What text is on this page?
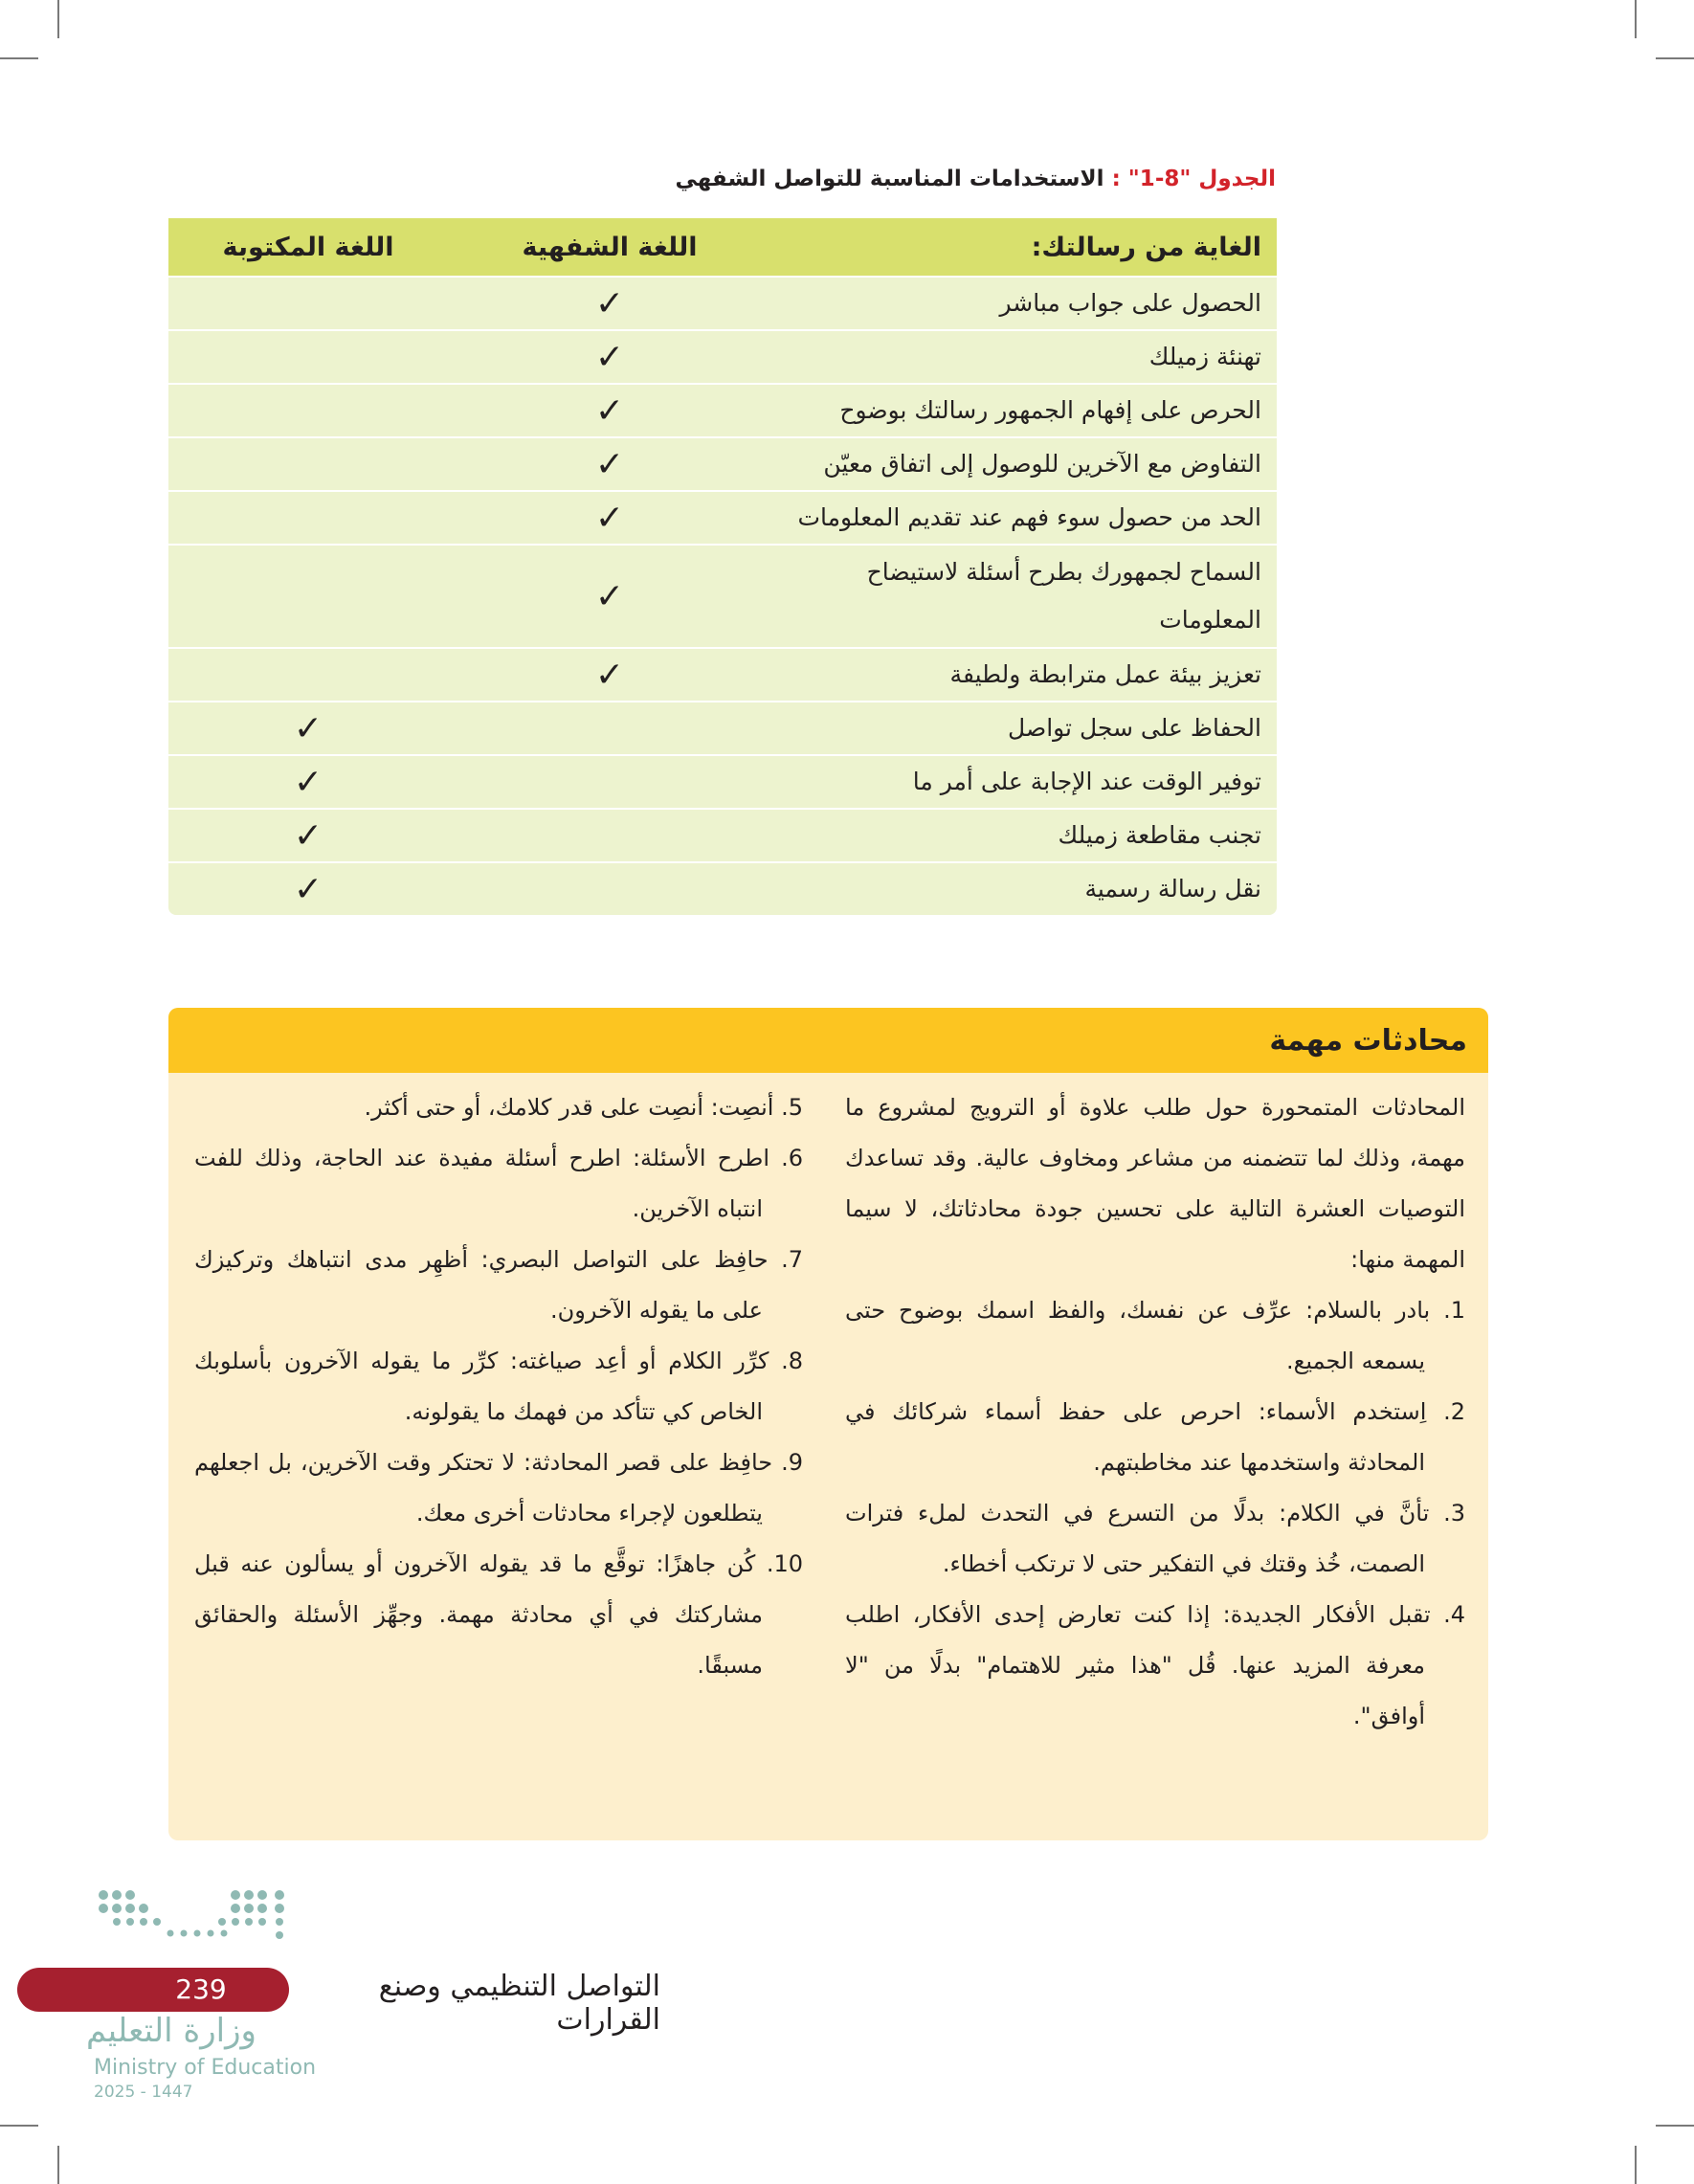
الجدول "8-1" : الاستخدامات المناسبة للتواصل الشفهي
الغاية من رسالتك:	اللغة الشفهية	اللغة المكتوبة
الحصول على جواب مباشر	✓	
تهنئة زميلك	✓	
الحرص على إفهام الجمهور رسالتك بوضوح	✓	
التفاوض مع الآخرين للوصول إلى اتفاق معيّن	✓	
الحد من حصول سوء فهم عند تقديم المعلومات	✓	
السماح لجمهورك بطرح أسئلة لاستيضاح المعلومات	✓	
تعزيز بيئة عمل مترابطة ولطيفة	✓	
الحفاظ على سجل تواصل		✓
توفير الوقت عند الإجابة على أمر ما		✓
تجنب مقاطعة زميلك		✓
نقل رسالة رسمية		✓
محادثات مهمة

المحادثات المتمحورة حول طلب علاوة أو الترويج لمشروع ما مهمة، وذلك لما تتضمنه من مشاعر ومخاوف عالية. وقد تساعدك التوصيات العشرة التالية على تحسين جودة محادثاتك، لا سيما المهمة منها:

1. بادر بالسلام: عرِّف عن نفسك، والفظ اسمك بوضوح حتى يسمعه الجميع.

2. اِستخدم الأسماء: احرص على حفظ أسماء شركائك في المحادثة واستخدمها عند مخاطبتهم.

3. تأنَّ في الكلام: بدلًا من التسرع في التحدث لملء فترات الصمت، خُذ وقتك في التفكير حتى لا ترتكب أخطاء.

4. تقبل الأفكار الجديدة: إذا كنت تعارض إحدى الأفكار، اطلب معرفة المزيد عنها. قُل "هذا مثير للاهتمام" بدلًا من "لا أوافق".

5. أنصِت: أنصِت على قدر كلامك، أو حتى أكثر.

6. اطرح الأسئلة: اطرح أسئلة مفيدة عند الحاجة، وذلك للفت انتباه الآخرين.

7. حافِظ على التواصل البصري: أظهِر مدى انتباهك وتركيزك على ما يقوله الآخرون.

8. كرِّر الكلام أو أعِد صياغته: كرِّر ما يقوله الآخرون بأسلوبك الخاص كي تتأكد من فهمك ما يقولونه.

9. حافِظ على قصر المحادثة: لا تحتكر وقت الآخرين، بل اجعلهم يتطلعون لإجراء محادثات أخرى معك.

10. كُن جاهزًا: توقَّع ما قد يقوله الآخرون أو يسألون عنه قبل مشاركتك في أي محادثة مهمة. وجهِّز الأسئلة والحقائق مسبقًا.

239	التواصل التنظيمي وصنع القرارات
وزارة التعليم
Ministry of Education
2025 - 1447
